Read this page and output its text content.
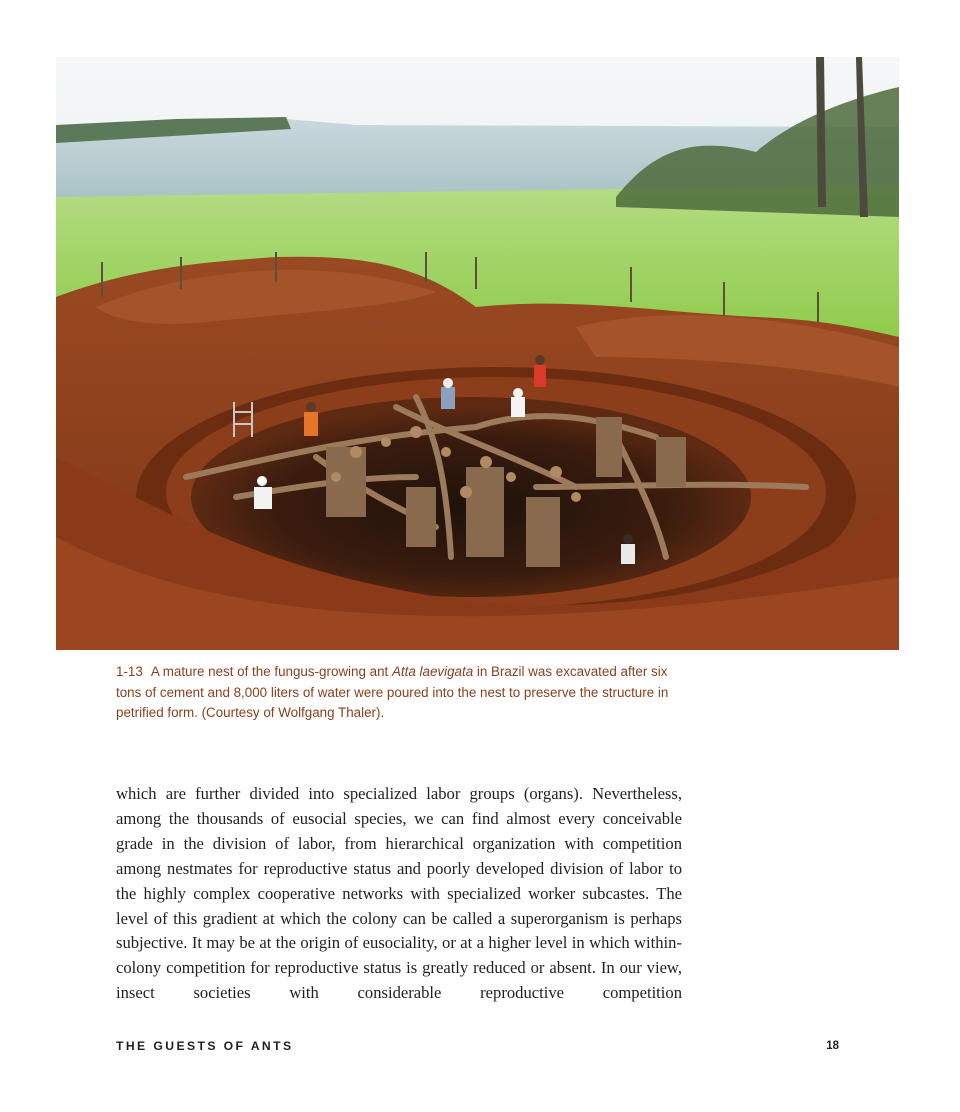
1-13 A mature nest of the fungus-growing ant Atta laevigata in Brazil was excavated after six tons of cement and 8,000 liters of water were poured into the nest to preserve the structure in petrified form. (Courtesy of Wolfgang Thaler).

which are further divided into specialized labor groups (organs). Nevertheless, among the thousands of eusocial species, we can find almost every conceivable grade in the division of labor, from hierarchical organization with competition among nestmates for reproductive status and poorly developed division of labor to the highly complex cooperative networks with specialized worker subcastes. The level of this gradient at which the colony can be called a superorganism is perhaps subjective. It may be at the origin of eusociality, or at a higher level in which within-colony competition for reproductive status is greatly reduced or absent. In our view, insect societies with considerable reproductive competition

THE GUESTS OF ANTS	18
